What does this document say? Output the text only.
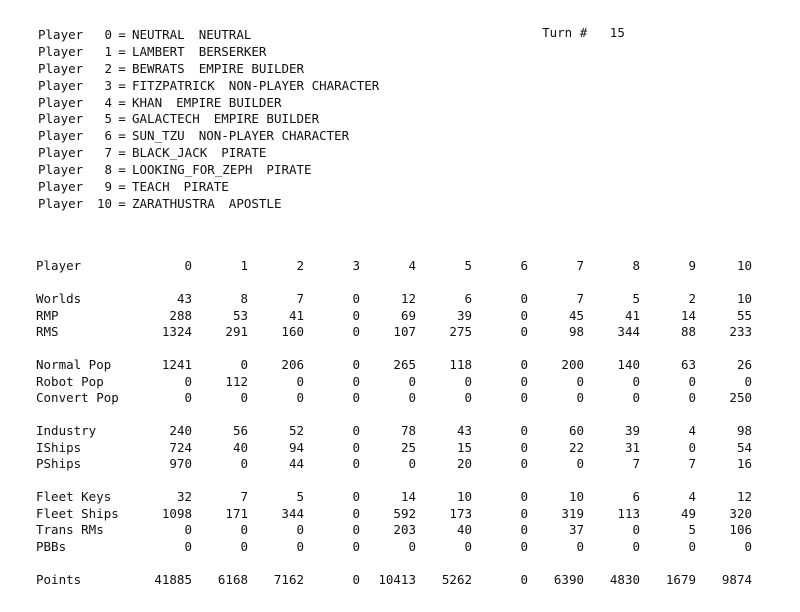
Turn # 15

Player	0 = NEUTRAL NEUTRAL
Player	1 = LAMBERT BERSERKER
Player	2 = BEWRATS EMPIRE BUILDER
Player	3 = FITZPATRICK NON-PLAYER CHARACTER
Player	4 = KHAN EMPIRE BUILDER
Player	5 = GALACTECH EMPIRE BUILDER
Player	6 = SUN_TZU NON-PLAYER CHARACTER
Player	7 = BLACK_JACK PIRATE
Player	8 = LOOKING_FOR_ZEPH PIRATE
Player	9 = TEACH PIRATE
Player	10 = ZARATHUSTRA APOSTLE
Player	0	1	2	3	4	5	6	7	8	9	10

Worlds	43	8	7	0	12	6	0	7	5	2	10
RMP	288	53	41	0	69	39	0	45	41	14	55
RMS	1324	291	160	0	107	275	0	98	344	88	233

Normal Pop	1241	0	206	0	265	118	0	200	140	63	26
Robot Pop	0	112	0	0	0	0	0	0	0	0	0
Convert Pop	0	0	0	0	0	0	0	0	0	0	250

Industry	240	56	52	0	78	43	0	60	39	4	98
IShips	724	40	94	0	25	15	0	22	31	0	54
PShips	970	0	44	0	0	20	0	0	7	7	16

Fleet Keys	32	7	5	0	14	10	0	10	6	4	12
Fleet Ships	1098	171	344	0	592	173	0	319	113	49	320
Trans RMs	0	0	0	0	203	40	0	37	0	5	106
PBBs	0	0	0	0	0	0	0	0	0	0	0

Points	41885	6168	7162	0	10413	5262	0	6390	4830	1679	9874
